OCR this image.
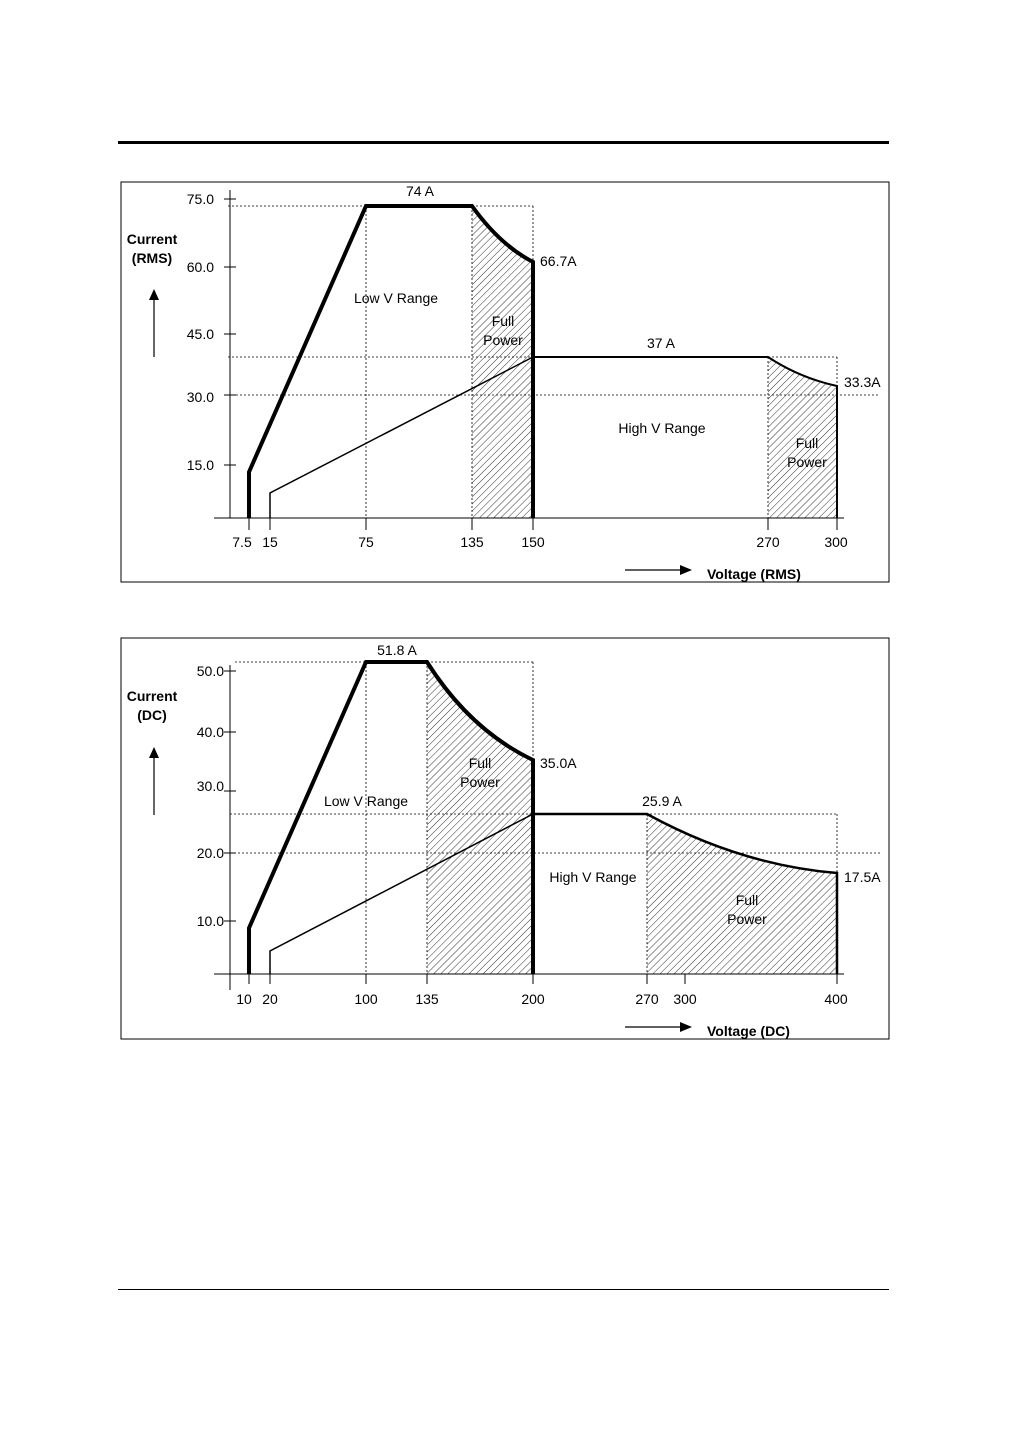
75.0
60.0
45.0
30.0
15.0
7.5 15	75	135	150	270	300
Current
(RMS)
Voltage (RMS)
74 A
66.7A
Low V Range
Full
Power	37 A
33.3A
High V Range
Full
Power
50.0
40.0
30.0
20.0
10.0
10 20	100	135	200	270 300	400
Current
(DC)
Voltage (DC)
51.8 A
35.0A
Low V Range
Full
Power
25.9 A
17.5A
High V Range
Full
Power
